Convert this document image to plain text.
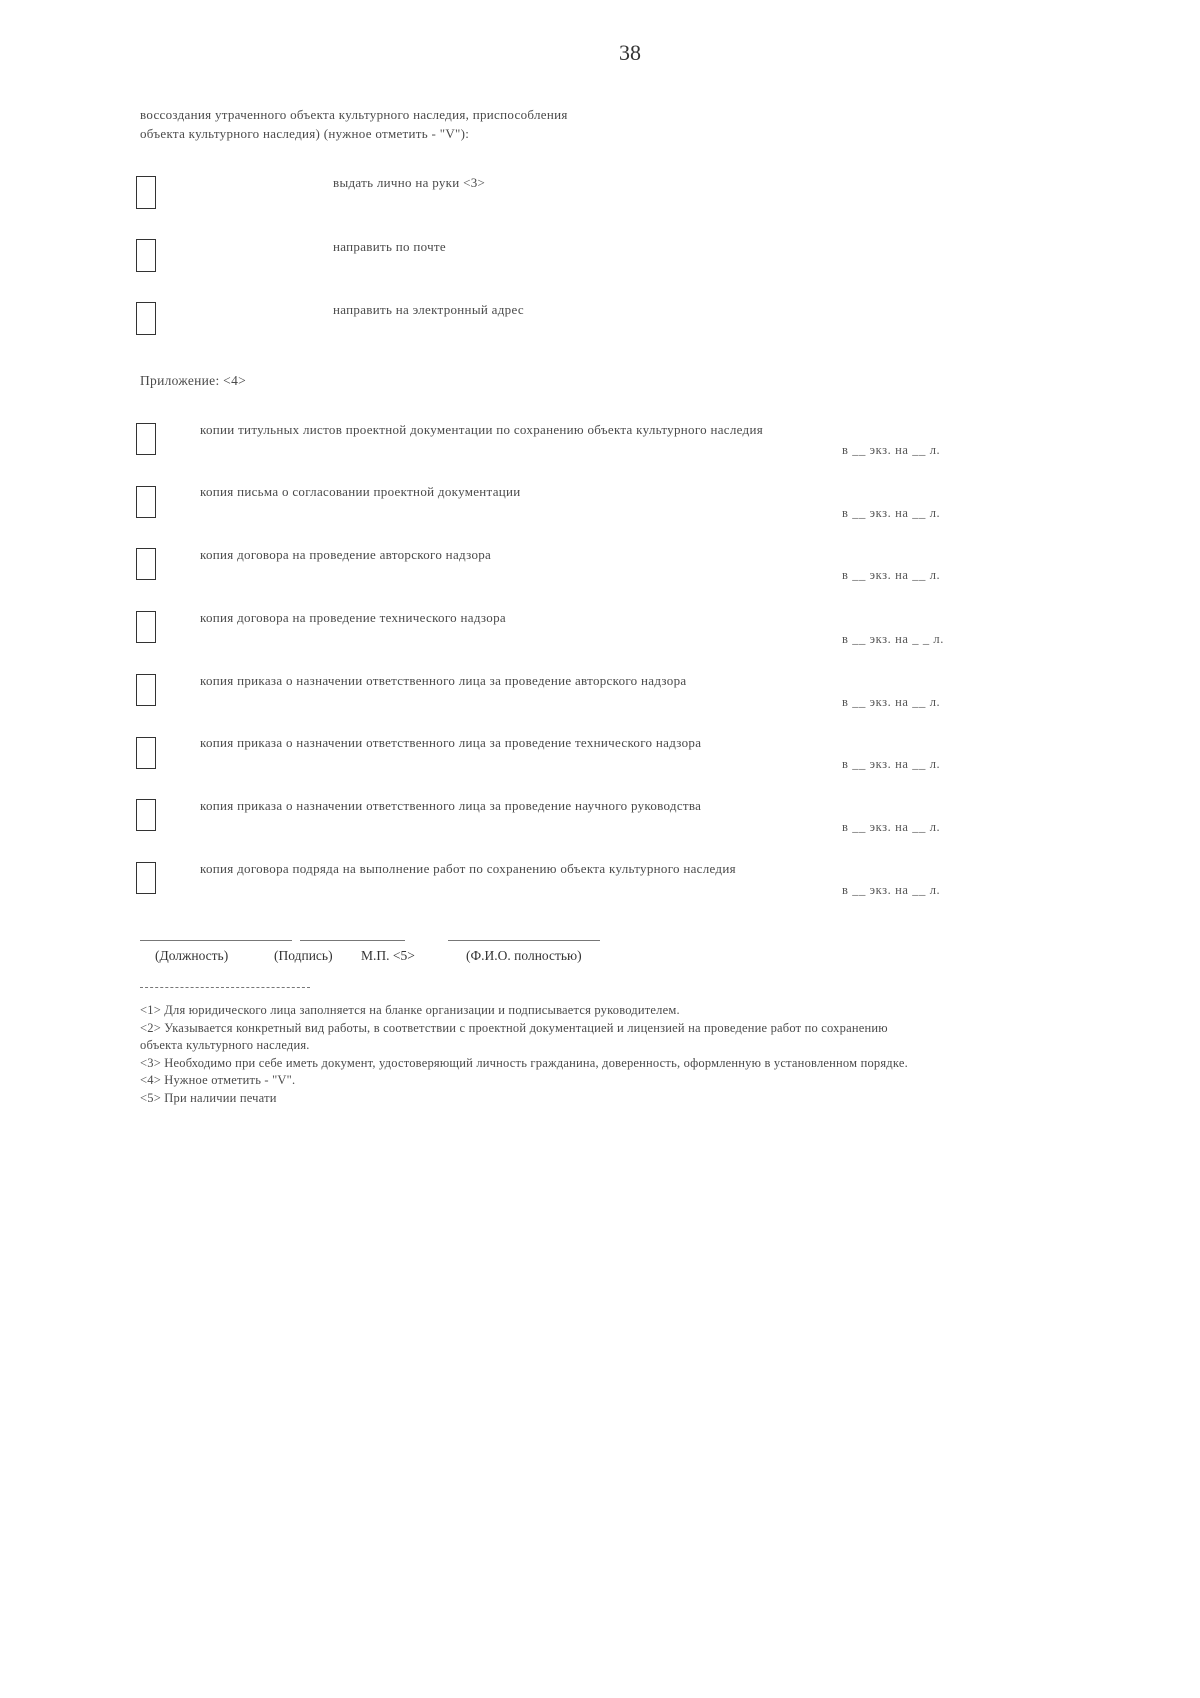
38
воссоздания утраченного объекта культурного наследия, приспособления
объекта культурного наследия) (нужное отметить - "V"):
выдать лично на руки <3>
направить по почте
направить на электронный адрес
Приложение: <4>
копии титульных листов проектной документации по сохранению объекта культурного наследия
в __ экз. на __ л.
копия письма о согласовании проектной документации
в __ экз. на __ л.
копия договора на проведение авторского надзора
в __ экз. на __ л.
копия договора на проведение технического надзора
в __ экз. на _ _ л.
копия приказа о назначении ответственного лица за проведение авторского надзора
в __ экз. на __ л.
копия приказа о назначении ответственного лица за проведение технического надзора
в __ экз. на __ л.
копия приказа о назначении ответственного лица за проведение научного руководства
в __ экз. на __ л.
копия договора подряда на выполнение работ по сохранению объекта культурного наследия
в __ экз. на __ л.
(Должность)	(Подпись) М.П. <5>	(Ф.И.О. полностью)
<1> Для юридического лица заполняется на бланке организации и подписывается руководителем.
<2> Указывается конкретный вид работы, в соответствии с проектной документацией и лицензией на проведение работ по сохранению
объекта культурного наследия.
<3> Необходимо при себе иметь документ, удостоверяющий личность гражданина, доверенность, оформленную в установленном порядке.
<4> Нужное отметить - "V".
<5> При наличии печати
